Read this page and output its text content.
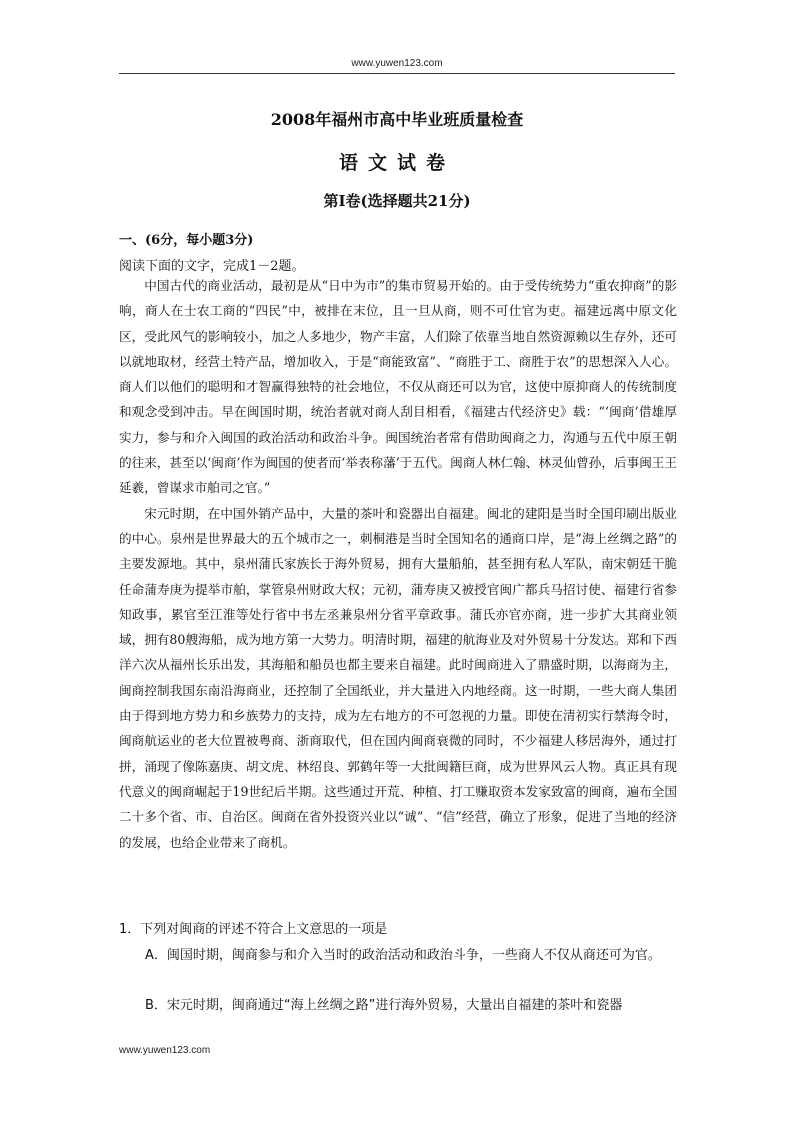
www.yuwen123.com
2008年福州市高中毕业班质量检查
语文试卷
第I卷(选择题共21分)
一、(6分，每小题3分)
阅读下面的文字，完成1－2题。

中国古代的商业活动，最初是从“日中为市”的集市贸易开始的。由于受传统势力“重农抑商”的影响，商人在士农工商的“四民”中，被排在末位，且一旦从商，则不可仕官为吏。福建远离中原文化区，受此风气的影响较小，加之人多地少，物产丰富，人们除了依靠当地自然资源赖以生存外，还可以就地取材，经营土特产品，增加收入，于是“商能致富”、“商胜于工、商胜于农”的思想深入人心。商人们以他们的聪明和才智赢得独特的社会地位，不仅从商还可以为官，这使中原抑商人的传统制度和观念受到冲击。早在闽国时期，统治者就对商人刮目相看，《福建古代经济史》载：“‘闽商’借雄厚实力，参与和介入闽国的政治活动和政治斗争。闽国统治者常有借助闽商之力，沟通与五代中原王朝的往来，甚至以‘闽商’作为闽国的使者而‘举表称藩’于五代。闽商人林仁翰、林灵仙曾孙，后事闽王王延羲，曾谋求市舶司之官。”

宋元时期，在中国外销产品中，大量的茶叶和瓷器出自福建。闽北的建阳是当时全国印刷出版业的中心。泉州是世界最大的五个城市之一，刺桐港是当时全国知名的通商口岸，是“海上丝绸之路”的主要发源地。其中，泉州蒲氏家族长于海外贸易，拥有大量船舶，甚至拥有私人军队，南宋朝廷干脆任命蒲寿庚为提举市舶，掌管泉州财政大权；元初，蒲寿庚又被授官闽广都兵马招讨使、福建行省参知政事，累官至江淮等处行省中书左丞兼泉州分省平章政事。蒲氏亦官亦商，进一步扩大其商业领域，拥有80艘海船，成为地方第一大势力。明清时期，福建的航海业及对外贸易十分发达。郑和下西洋六次从福州长乐出发，其海船和船员也都主要来自福建。此时闽商进入了鼎盛时期，以海商为主，闽商控制我国东南沿海商业，还控制了全国纸业，并大量进入内地经商。这一时期，一些大商人集团由于得到地方势力和乡族势力的支持，成为左右地方的不可忽视的力量。即使在清初实行禁海令时，闽商航运业的老大位置被粤商、浙商取代，但在国内闽商衰微的同时，不少福建人移居海外，通过打拼，涌现了像陈嘉庚、胡文虎、林绍良、郭鹤年等一大批闽籍巨商，成为世界风云人物。真正具有现代意义的闽商崛起于19世纪后半期。这些通过开荒、种植、打工赚取资本发家致富的闽商，遍布全国二十多个省、市、自治区。闽商在省外投资兴业以“诚”、“信”经营，确立了形象，促进了当地的经济的发展，也给企业带来了商机。

1．下列对闽商的评述不符合上文意思的一项是
A．闽国时期，闽商参与和介入当时的政治活动和政治斗争，一些商人不仅从商还可为官。
B．宋元时期，闽商通过“海上丝绸之路”进行海外贸易，大量出自福建的茶叶和瓷器
www.yuwen123.com
